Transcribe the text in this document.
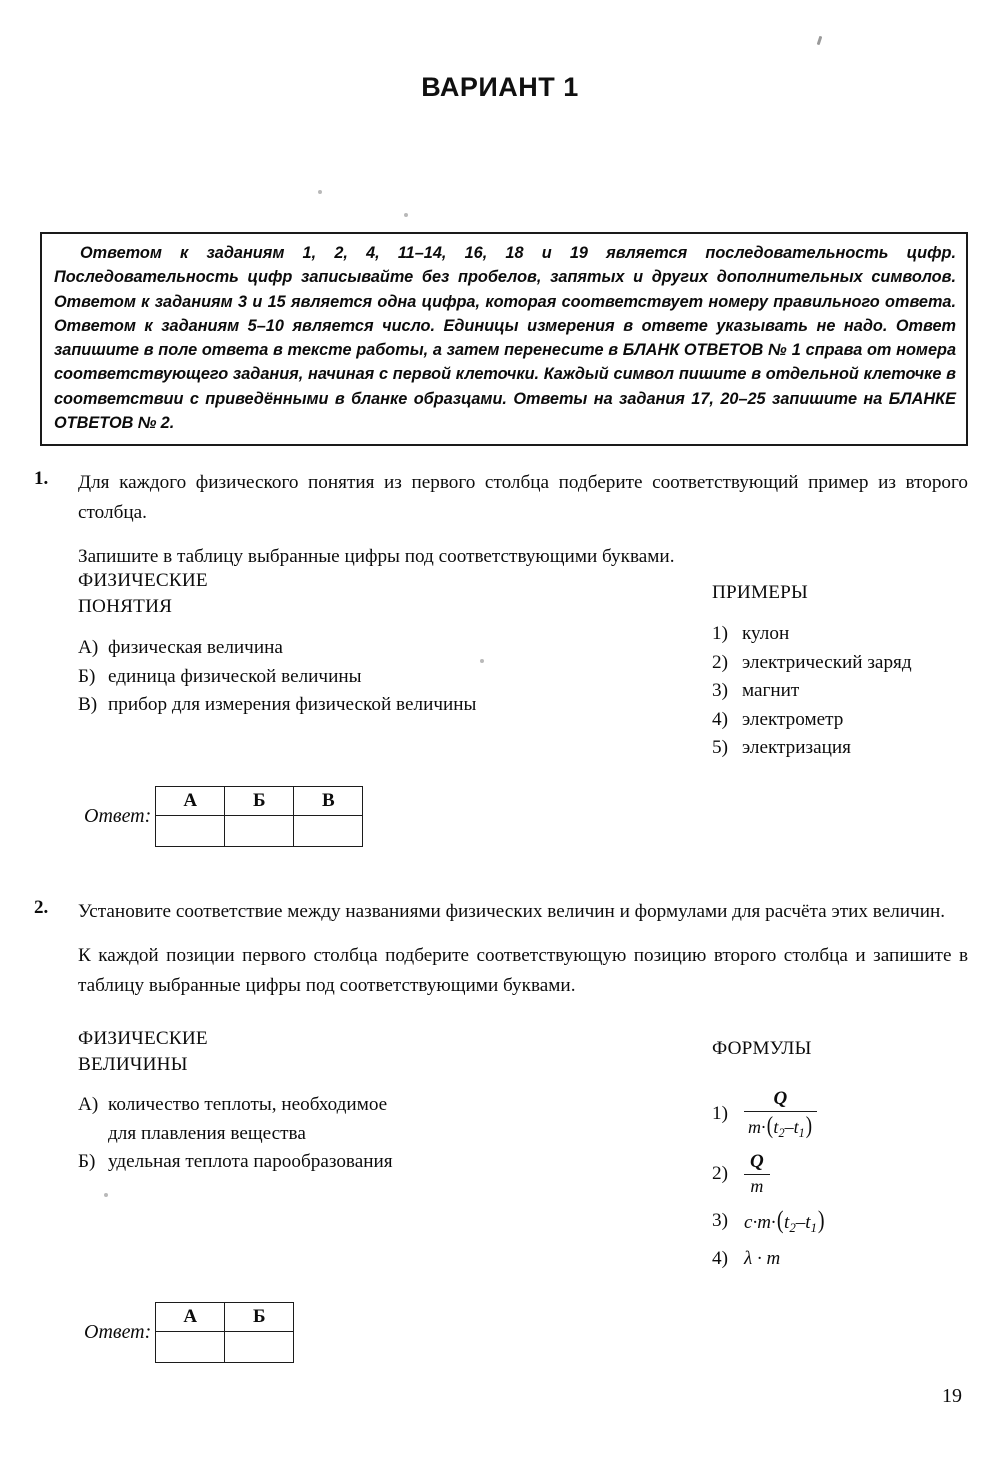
ВАРИАНТ 1
Ответом к заданиям 1, 2, 4, 11–14, 16, 18 и 19 является последовательность цифр. Последовательность цифр записывайте без пробелов, запятых и других дополнительных символов. Ответом к заданиям 3 и 15 является одна цифра, которая соответствует номеру правильного ответа. Ответом к заданиям 5–10 является число. Единицы измерения в ответе указывать не надо. Ответ запишите в поле ответа в тексте работы, а затем перенесите в БЛАНК ОТВЕТОВ № 1 справа от номера соответствующего задания, начиная с первой клеточки. Каждый символ пишите в отдельной клеточке в соответствии с приведёнными в бланке образцами. Ответы на задания 17, 20–25 запишите на БЛАНКЕ ОТВЕТОВ № 2.
1. Для каждого физического понятия из первого столбца подберите соответствующий пример из второго столбца.
Запишите в таблицу выбранные цифры под соответствующими буквами.
ФИЗИЧЕСКИЕ
ПОНЯТИЯ
А) физическая величина
Б) единица физической величины
В) прибор для измерения физической величины
ПРИМЕРЫ
1) кулон
2) электрический заряд
3) магнит
4) электрометр
5) электризация
Ответ:
А	Б	В

2. Установите соответствие между названиями физических величин и формулами для расчёта этих величин.
К каждой позиции первого столбца подберите соответствующую позицию второго столбца и запишите в таблицу выбранные цифры под соответствующими буквами.
ФИЗИЧЕСКИЕ
ВЕЛИЧИНЫ
А) количество теплоты, необходимое
для плавления вещества
Б) удельная теплота парообразования
ФОРМУЛЫ
$1) \frac{Q}{m\cdot(t_2-t_1)}$
$2) \frac{Q}{m}$
3) $c\cdot m\cdot(t_2-t_1)$
4) λ · m
Ответ:
А	Б

19
